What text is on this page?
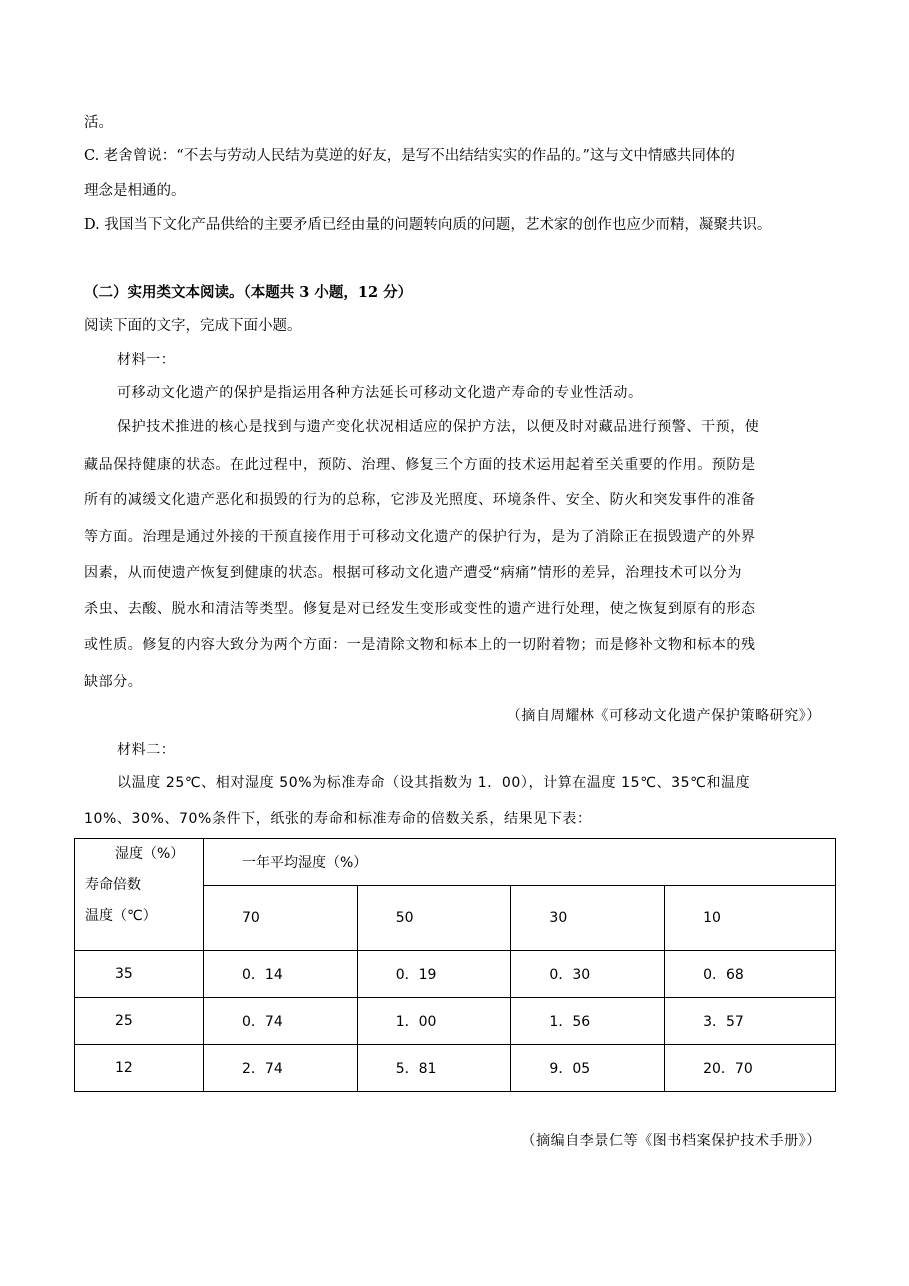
活。
C. 老舍曾说：“不去与劳动人民结为莫逆的好友，是写不出结结实实的作品的。”这与文中情感共同体的
理念是相通的。
D. 我国当下文化产品供给的主要矛盾已经由量的问题转向质的问题，艺术家的创作也应少而精，凝聚共识。
（二）实用类文本阅读。（本题共 3 小题，12 分）
阅读下面的文字，完成下面小题。
材料一：
可移动文化遗产的保护是指运用各种方法延长可移动文化遗产寿命的专业性活动。
保护技术推进的核心是找到与遗产变化状况相适应的保护方法，以便及时对藏品进行预警、干预，使
藏品保持健康的状态。在此过程中，预防、治理、修复三个方面的技术运用起着至关重要的作用。预防是
所有的减缓文化遗产恶化和损毁的行为的总称，它涉及光照度、环境条件、安全、防火和突发事件的准备
等方面。治理是通过外接的干预直接作用于可移动文化遗产的保护行为，是为了消除正在损毁遗产的外界
因素，从而使遗产恢复到健康的状态。根据可移动文化遗产遭受“病痛”情形的差异，治理技术可以分为
杀虫、去酸、脱水和清洁等类型。修复是对已经发生变形或变性的遗产进行处理，使之恢复到原有的形态
或性质。修复的内容大致分为两个方面：一是清除文物和标本上的一切附着物；而是修补文物和标本的残
缺部分。
（摘自周耀林《可移动文化遗产保护策略研究》）
材料二：
以温度 25℃、相对湿度 50%为标准寿命（设其指数为 1．00），计算在温度 15℃、35℃和温度
10%、30%、70%条件下，纸张的寿命和标准寿命的倍数关系，结果见下表：
湿度（%）
寿命倍数
温度（℃）	一年平均湿度（%）			
	70	50	30	10
35	0．14	0．19	0．30	0．68
25	0．74	1．00	1．56	3．57
12	2．74	5．81	9．05	20．70
（摘编自李景仁等《图书档案保护技术手册》）
